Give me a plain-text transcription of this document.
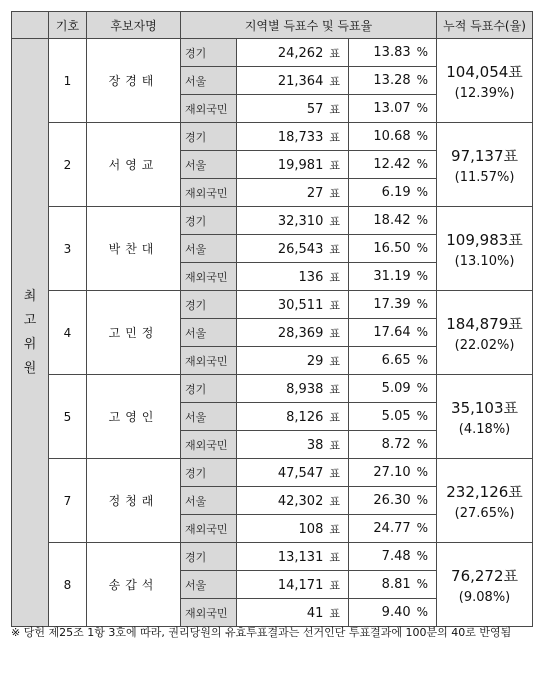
	기호	후보자명	지역별 득표수 및 득표율			누적 득표수(율)

최
고
위
원	1	장경태	경기	24,262 표	13.83 %	104,054표
(12.39%)

			서울	21,364 표	13.28 %	
			재외국민	57 표	13.07 %	
	2	서영교	경기	18,733 표	10.68 %	97,137표
(11.57%)

			서울	19,981 표	12.42 %	
			재외국민	27 표	6.19 %	
	3	박찬대	경기	32,310 표	18.42 %	109,983표
(13.10%)

			서울	26,543 표	16.50 %	
			재외국민	136 표	31.19 %	
	4	고민정	경기	30,511 표	17.39 %	184,879표
(22.02%)

			서울	28,369 표	17.64 %	
			재외국민	29 표	6.65 %	
	5	고영인	경기	8,938 표	5.09 %	35,103표
(4.18%)

			서울	8,126 표	5.05 %	
			재외국민	38 표	8.72 %	
	7	정청래	경기	47,547 표	27.10 %	232,126표
(27.65%)

			서울	42,302 표	26.30 %	
			재외국민	108 표	24.77 %	
	8	송갑석	경기	13,131 표	7.48 %	76,272표
(9.08%)

			서울	14,171 표	8.81 %	
			재외국민	41 표	9.40 %	
※ 당헌 제25조 1항 3호에 따라, 권리당원의 유효투표결과는 선거인단 투표결과에 100분의 40로 반영됨
